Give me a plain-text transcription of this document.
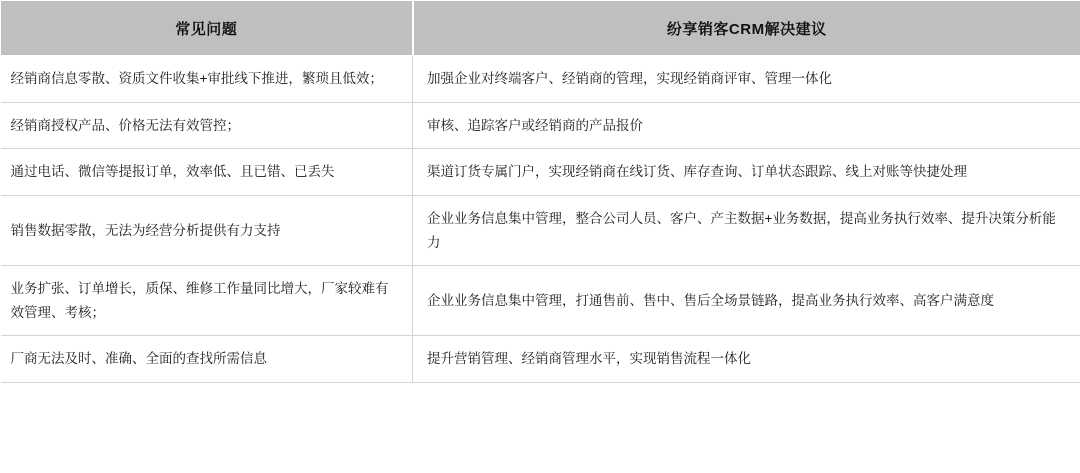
常见问题	纷享销客CRM解决建议
经销商信息零散、资质文件收集+审批线下推进，繁琐且低效；	加强企业对终端客户、经销商的管理，实现经销商评审、管理一体化
经销商授权产品、价格无法有效管控；	审核、追踪客户或经销商的产品报价
通过电话、微信等提报订单，效率低、且已错、已丢失	渠道订货专属门户，实现经销商在线订货、库存查询、订单状态跟踪、线上对账等快捷处理
销售数据零散，无法为经营分析提供有力支持	企业业务信息集中管理，整合公司人员、客户、产主数据+业务数据，提高业务执行效率、提升决策分析能力
业务扩张、订单增长，质保、维修工作量同比增大，厂家较难有效管理、考核；	企业业务信息集中管理，打通售前、售中、售后全场景链路，提高业务执行效率、高客户满意度
厂商无法及时、准确、全面的查找所需信息	提升营销管理、经销商管理水平，实现销售流程一体化
